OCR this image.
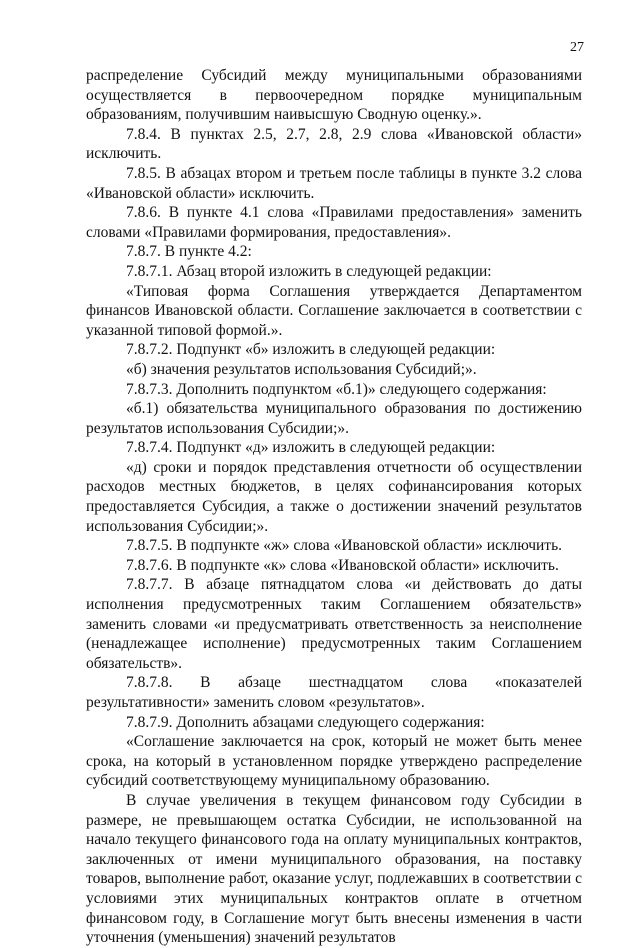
27

распределение Субсидий между муниципальными образованиями осуществляется в первоочередном порядке муниципальным образованиям, получившим наивысшую Сводную оценку.».

7.8.4. В пунктах 2.5, 2.7, 2.8, 2.9 слова «Ивановской области» исключить.

7.8.5. В абзацах втором и третьем после таблицы в пункте 3.2 слова «Ивановской области» исключить.

7.8.6. В пункте 4.1 слова «Правилами предоставления» заменить словами «Правилами формирования, предоставления».

7.8.7. В пункте 4.2:

7.8.7.1. Абзац второй изложить в следующей редакции:

«Типовая форма Соглашения утверждается Департаментом финансов Ивановской области. Соглашение заключается в соответствии с указанной типовой формой.».

7.8.7.2. Подпункт «б» изложить в следующей редакции:

«б) значения результатов использования Субсидий;».

7.8.7.3. Дополнить подпунктом «б.1)» следующего содержания:

«б.1) обязательства муниципального образования по достижению результатов использования Субсидии;».

7.8.7.4. Подпункт «д» изложить в следующей редакции:

«д) сроки и порядок представления отчетности об осуществлении расходов местных бюджетов, в целях софинансирования которых предоставляется Субсидия, а также о достижении значений результатов использования Субсидии;».

7.8.7.5. В подпункте «ж» слова «Ивановской области» исключить.

7.8.7.6. В подпункте «к» слова «Ивановской области» исключить.

7.8.7.7. В абзаце пятнадцатом слова «и действовать до даты исполнения предусмотренных таким Соглашением обязательств» заменить словами «и предусматривать ответственность за неисполнение (ненадлежащее исполнение) предусмотренных таким Соглашением обязательств».

7.8.7.8. В абзаце шестнадцатом слова «показателей результативности» заменить словом «результатов».

7.8.7.9. Дополнить абзацами следующего содержания:

«Соглашение заключается на срок, который не может быть менее срока, на который в установленном порядке утверждено распределение субсидий соответствующему муниципальному образованию.

В случае увеличения в текущем финансовом году Субсидии в размере, не превышающем остатка Субсидии, не использованной на начало текущего финансового года на оплату муниципальных контрактов, заключенных от имени муниципального образования, на поставку товаров, выполнение работ, оказание услуг, подлежавших в соответствии с условиями этих муниципальных контрактов оплате в отчетном финансовом году, в Соглашение могут быть внесены изменения в части уточнения (уменьшения) значений результатов
